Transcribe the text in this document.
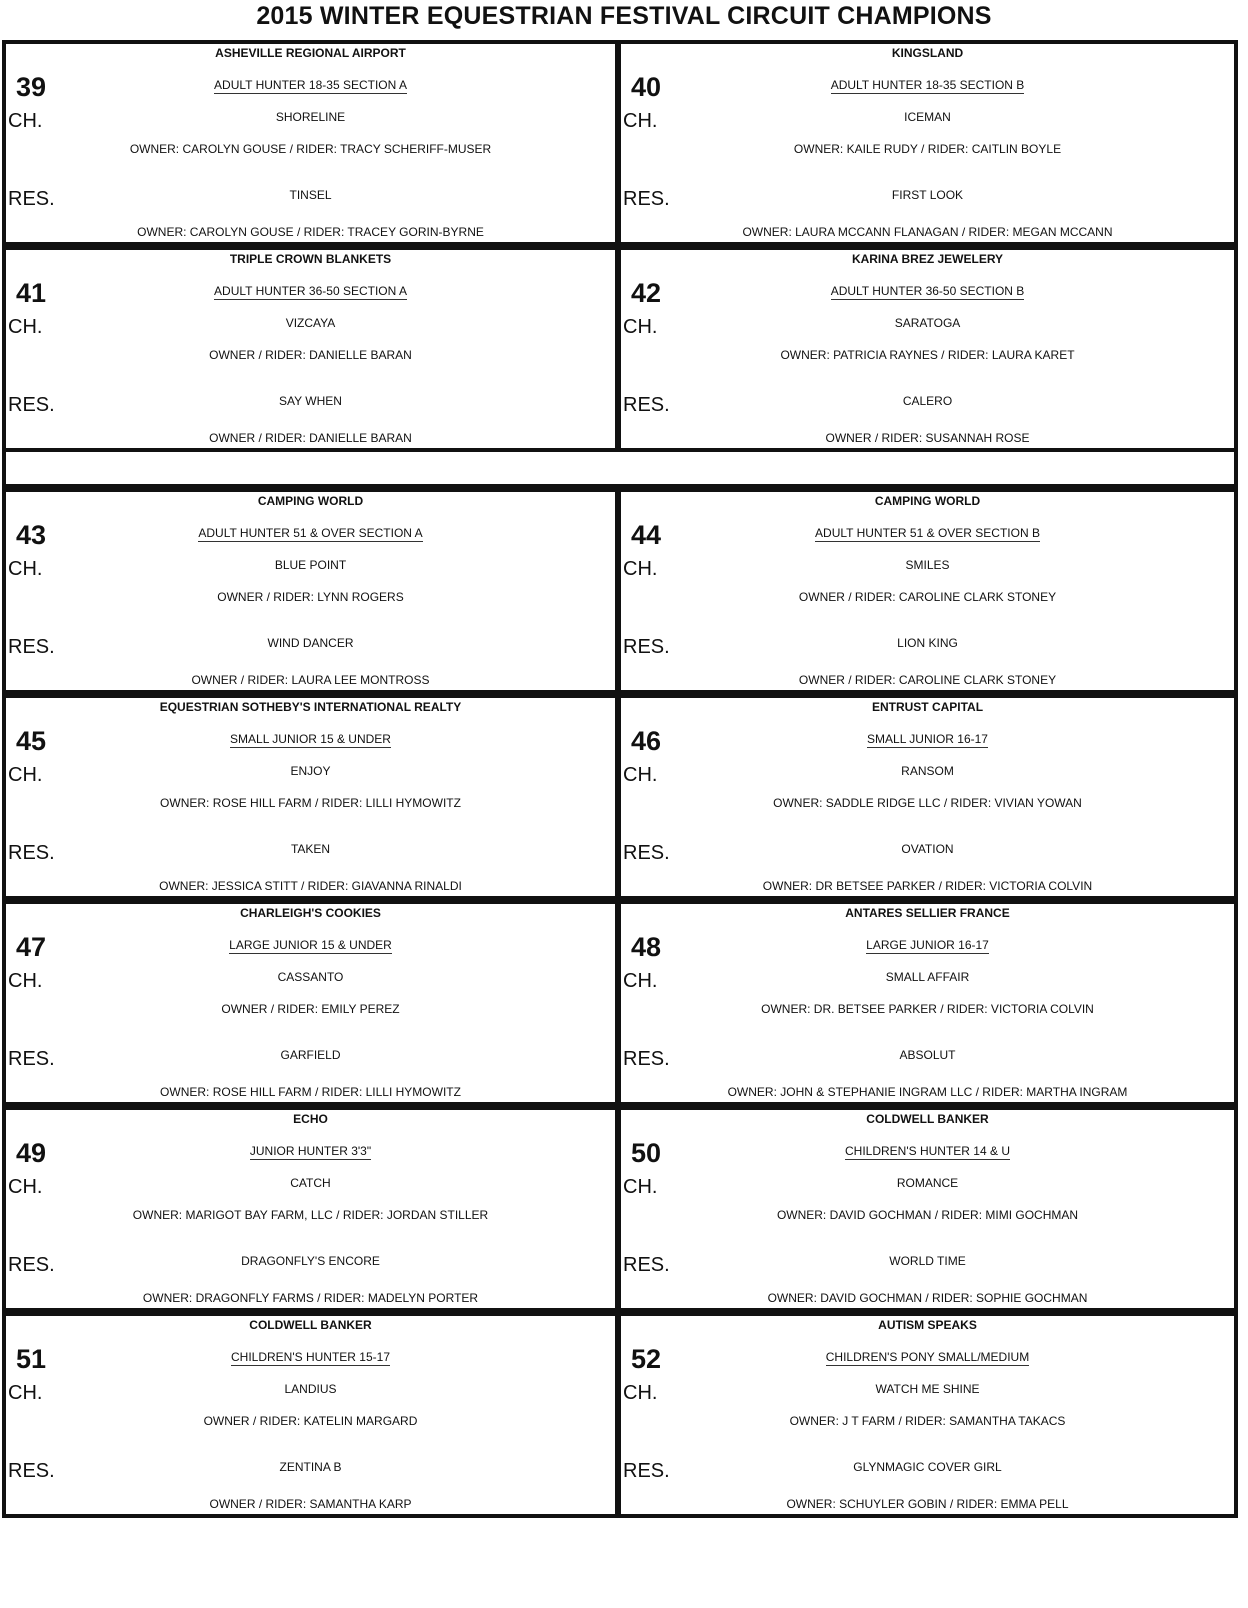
2015 WINTER EQUESTRIAN FESTIVAL CIRCUIT CHAMPIONS
ASHEVILLE REGIONAL AIRPORT
39	ADULT HUNTER 18-35 SECTION A
CH.	SHORELINE
OWNER: CAROLYN GOUSE / RIDER: TRACY SCHERIFF-MUSER
RES.	TINSEL
OWNER: CAROLYN GOUSE / RIDER: TRACEY GORIN-BYRNE
KINGSLAND
40	ADULT HUNTER 18-35 SECTION B
CH.	ICEMAN
OWNER: KAILE RUDY / RIDER: CAITLIN BOYLE
RES.	FIRST LOOK
OWNER: LAURA MCCANN FLANAGAN / RIDER: MEGAN MCCANN
TRIPLE CROWN BLANKETS
41	ADULT HUNTER 36-50 SECTION A
CH.	VIZCAYA
OWNER / RIDER: DANIELLE BARAN
RES.	SAY WHEN
OWNER / RIDER: DANIELLE BARAN
KARINA BREZ JEWELERY
42	ADULT HUNTER 36-50 SECTION B
CH.	SARATOGA
OWNER: PATRICIA RAYNES / RIDER: LAURA KARET
RES.	CALERO
OWNER / RIDER: SUSANNAH ROSE
CAMPING WORLD
43	ADULT HUNTER 51 & OVER SECTION A
CH.	BLUE POINT
OWNER / RIDER: LYNN ROGERS
RES.	WIND DANCER
OWNER / RIDER: LAURA LEE MONTROSS
CAMPING WORLD
44	ADULT HUNTER 51 & OVER SECTION B
CH.	SMILES
OWNER / RIDER: CAROLINE CLARK STONEY
RES.	LION KING
OWNER / RIDER: CAROLINE CLARK STONEY
EQUESTRIAN SOTHEBY'S INTERNATIONAL REALTY
45	SMALL JUNIOR 15 & UNDER
CH.	ENJOY
OWNER: ROSE HILL FARM / RIDER: LILLI HYMOWITZ
RES.	TAKEN
OWNER: JESSICA STITT / RIDER: GIAVANNA RINALDI
ENTRUST CAPITAL
46	SMALL JUNIOR 16-17
CH.	RANSOM
OWNER: SADDLE RIDGE LLC / RIDER: VIVIAN YOWAN
RES.	OVATION
OWNER: DR BETSEE PARKER / RIDER: VICTORIA COLVIN
CHARLEIGH'S COOKIES
47	LARGE JUNIOR 15 & UNDER
CH.	CASSANTO
OWNER / RIDER: EMILY PEREZ
RES.	GARFIELD
OWNER: ROSE HILL FARM / RIDER: LILLI HYMOWITZ
ANTARES SELLIER FRANCE
48	LARGE JUNIOR 16-17
CH.	SMALL AFFAIR
OWNER: DR. BETSEE PARKER / RIDER: VICTORIA COLVIN
RES.	ABSOLUT
OWNER: JOHN & STEPHANIE INGRAM LLC / RIDER: MARTHA INGRAM
ECHO
49	JUNIOR HUNTER 3'3"
CH.	CATCH
OWNER: MARIGOT BAY FARM, LLC / RIDER: JORDAN STILLER
RES.	DRAGONFLY'S ENCORE
OWNER: DRAGONFLY FARMS / RIDER: MADELYN PORTER
COLDWELL BANKER
50	CHILDREN'S HUNTER 14 & U
CH.	ROMANCE
OWNER: DAVID GOCHMAN / RIDER: MIMI GOCHMAN
RES.	WORLD TIME
OWNER: DAVID GOCHMAN / RIDER: SOPHIE GOCHMAN
COLDWELL BANKER
51	CHILDREN'S HUNTER 15-17
CH.	LANDIUS
OWNER / RIDER: KATELIN MARGARD
RES.	ZENTINA B
OWNER / RIDER: SAMANTHA KARP
AUTISM SPEAKS
52	CHILDREN'S PONY SMALL/MEDIUM
CH.	WATCH ME SHINE
OWNER: J T FARM / RIDER: SAMANTHA TAKACS
RES.	GLYNMAGIC COVER GIRL
OWNER: SCHUYLER GOBIN / RIDER: EMMA PELL
